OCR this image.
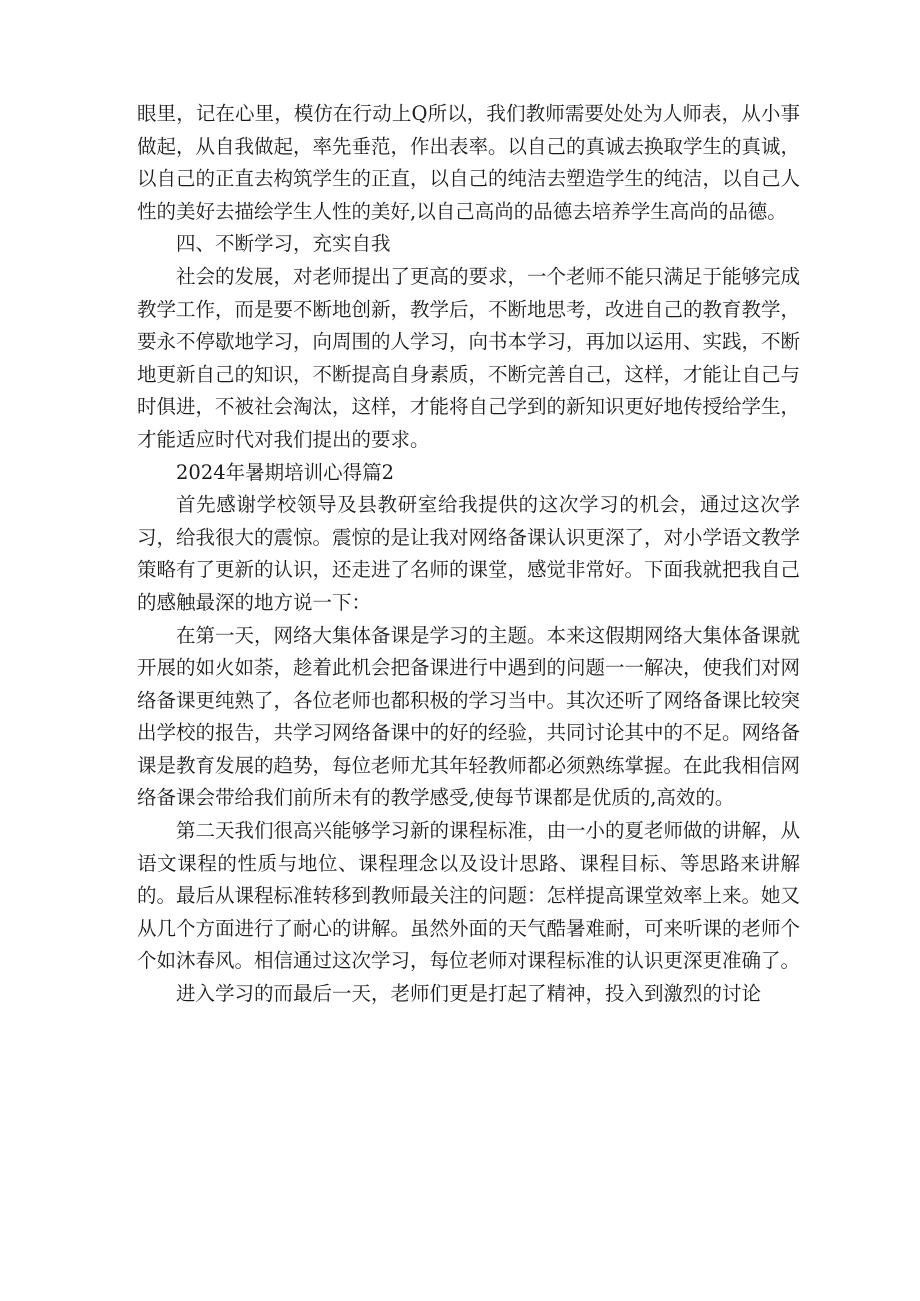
眼里，记在心里，模仿在行动上Q所以，我们教师需要处处为人师表，从小事做起，从自我做起，率先垂范，作出表率。以自己的真诚去换取学生的真诚，以自己的正直去构筑学生的正直，以自己的纯洁去塑造学生的纯洁，以自己人性的美好去描绘学生人性的美好,以自己高尚的品德去培养学生高尚的品德。

四、不断学习，充实自我

社会的发展，对老师提出了更高的要求，一个老师不能只满足于能够完成教学工作，而是要不断地创新，教学后，不断地思考，改进自己的教育教学，要永不停歇地学习，向周围的人学习，向书本学习，再加以运用、实践，不断地更新自己的知识，不断提高自身素质，不断完善自己，这样，才能让自己与时俱进，不被社会淘汰，这样，才能将自己学到的新知识更好地传授给学生，才能适应时代对我们提出的要求。

2024年暑期培训心得篇2

首先感谢学校领导及县教研室给我提供的这次学习的机会，通过这次学习，给我很大的震惊。震惊的是让我对网络备课认识更深了，对小学语文教学策略有了更新的认识，还走进了名师的课堂，感觉非常好。下面我就把我自己的感触最深的地方说一下：

在第一天，网络大集体备课是学习的主题。本来这假期网络大集体备课就开展的如火如荼，趁着此机会把备课进行中遇到的问题一一解决，使我们对网络备课更纯熟了，各位老师也都积极的学习当中。其次还听了网络备课比较突出学校的报告，共学习网络备课中的好的经验，共同讨论其中的不足。网络备课是教育发展的趋势，每位老师尤其年轻教师都必须熟练掌握。在此我相信网络备课会带给我们前所未有的教学感受,使每节课都是优质的,高效的。

第二天我们很高兴能够学习新的课程标准，由一小的夏老师做的讲解，从语文课程的性质与地位、课程理念以及设计思路、课程目标、等思路来讲解的。最后从课程标准转移到教师最关注的问题：怎样提高课堂效率上来。她又从几个方面进行了耐心的讲解。虽然外面的天气酷暑难耐，可来听课的老师个个如沐春风。相信通过这次学习，每位老师对课程标准的认识更深更准确了。

进入学习的而最后一天，老师们更是打起了精神，投入到激烈的讨论
